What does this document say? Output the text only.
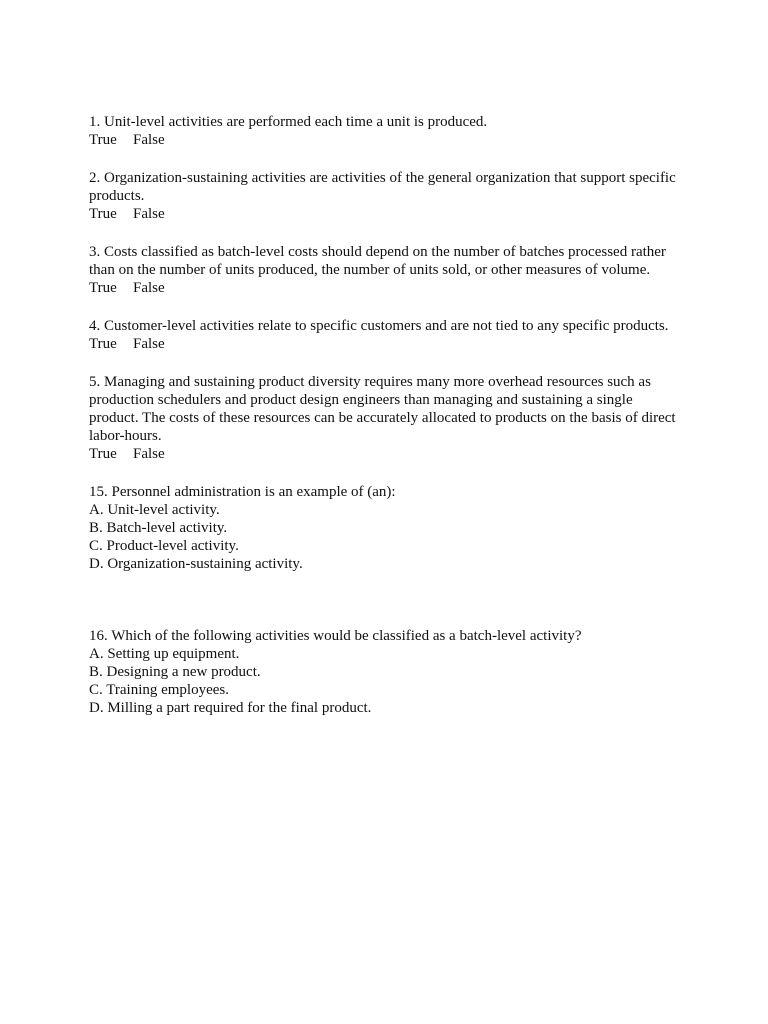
1. Unit-level activities are performed each time a unit is produced.
True False
2. Organization-sustaining activities are activities of the general organization that support specific
products.
True False
3. Costs classified as batch-level costs should depend on the number of batches processed rather
than on the number of units produced, the number of units sold, or other measures of volume.
True False
4. Customer-level activities relate to specific customers and are not tied to any specific products.
True False
5. Managing and sustaining product diversity requires many more overhead resources such as
production schedulers and product design engineers than managing and sustaining a single
product. The costs of these resources can be accurately allocated to products on the basis of direct
labor-hours.
True False
15. Personnel administration is an example of (an):
A. Unit-level activity.
B. Batch-level activity.
C. Product-level activity.
D. Organization-sustaining activity.
16. Which of the following activities would be classified as a batch-level activity?
A. Setting up equipment.
B. Designing a new product.
C. Training employees.
D. Milling a part required for the final product.
